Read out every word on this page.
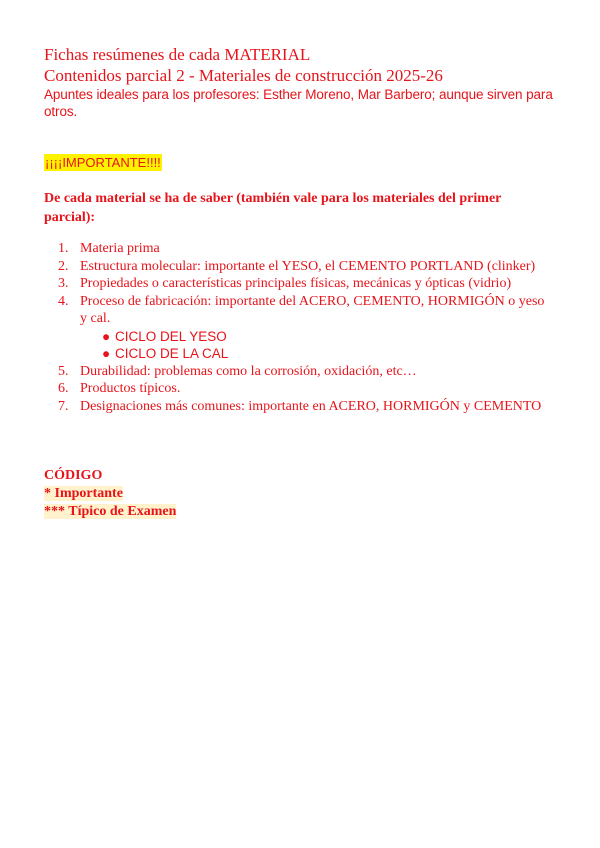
Fichas resúmenes de cada MATERIAL

Contenidos parcial 2 - Materiales de construcción 2025-26

Apuntes ideales para los profesores: Esther Moreno, Mar Barbero; aunque sirven para otros.

¡¡¡¡IMPORTANTE!!!!

De cada material se ha de saber (también vale para los materiales del primer parcial):

1. Materia prima
2. Estructura molecular: importante el YESO, el CEMENTO PORTLAND (clinker)
3. Propiedades o características principales físicas, mecánicas y ópticas (vidrio)
4. Proceso de fabricación: importante del ACERO, CEMENTO, HORMIGÓN o yeso y cal.
● CICLO DEL YESO
● CICLO DE LA CAL
5. Durabilidad: problemas como la corrosión, oxidación, etc…
6. Productos típicos.
7. Designaciones más comunes: importante en ACERO, HORMIGÓN y CEMENTO
CÓDIGO
* Importante
*** Típico de Examen
